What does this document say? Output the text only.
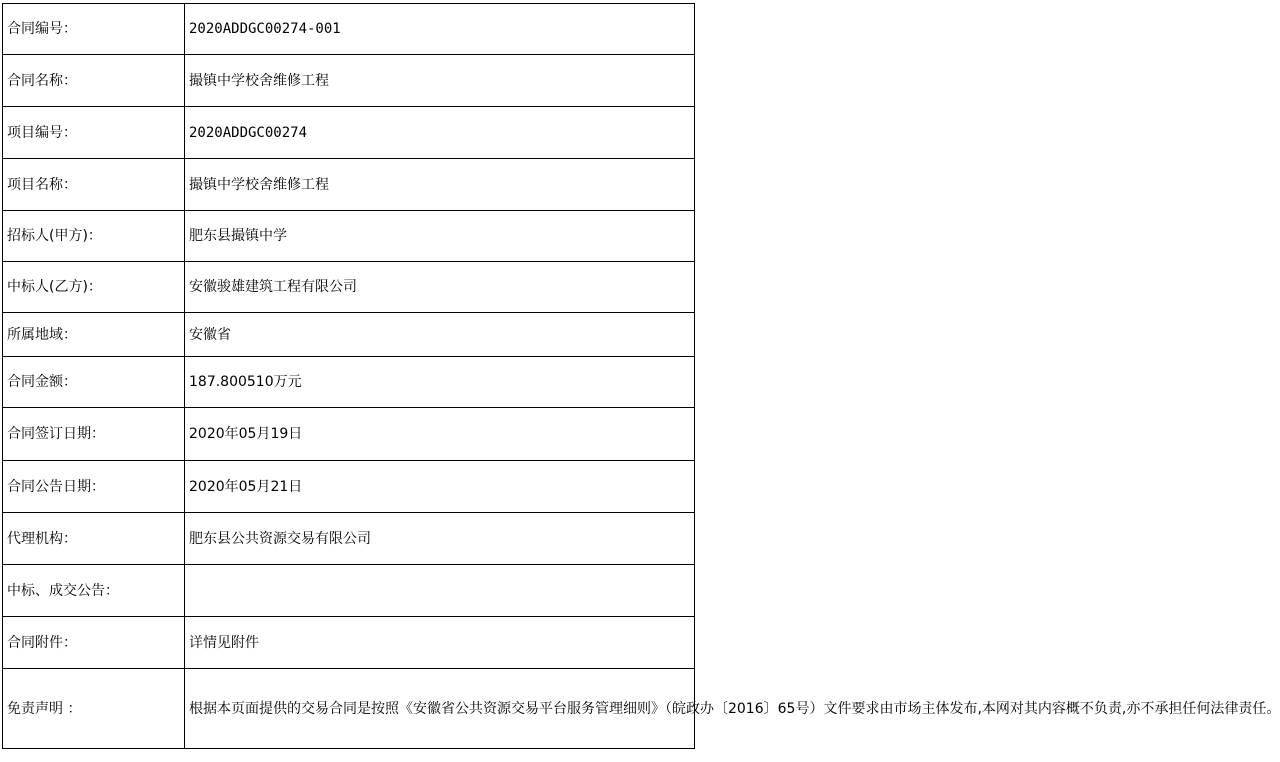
合同编号：	2020ADDGC00274-001
合同名称：	撮镇中学校舍维修工程
项目编号：	2020ADDGC00274
项目名称：	撮镇中学校舍维修工程
招标人(甲方)：	肥东县撮镇中学
中标人(乙方)：	安徽骏雄建筑工程有限公司
所属地域：	安徽省
合同金额：	187.800510万元
合同签订日期：	2020年05月19日
合同公告日期：	2020年05月21日
代理机构：	肥东县公共资源交易有限公司
中标、成交公告：	
合同附件：	详情见附件
免责声明 ：	根据本页面提供的交易合同是按照《安徽省公共资源交易平台服务管理细则》（皖政办〔2016〕65号）文件要求由市场主体发布,本网对其内容概不负责,亦不承担任何法律责任。
